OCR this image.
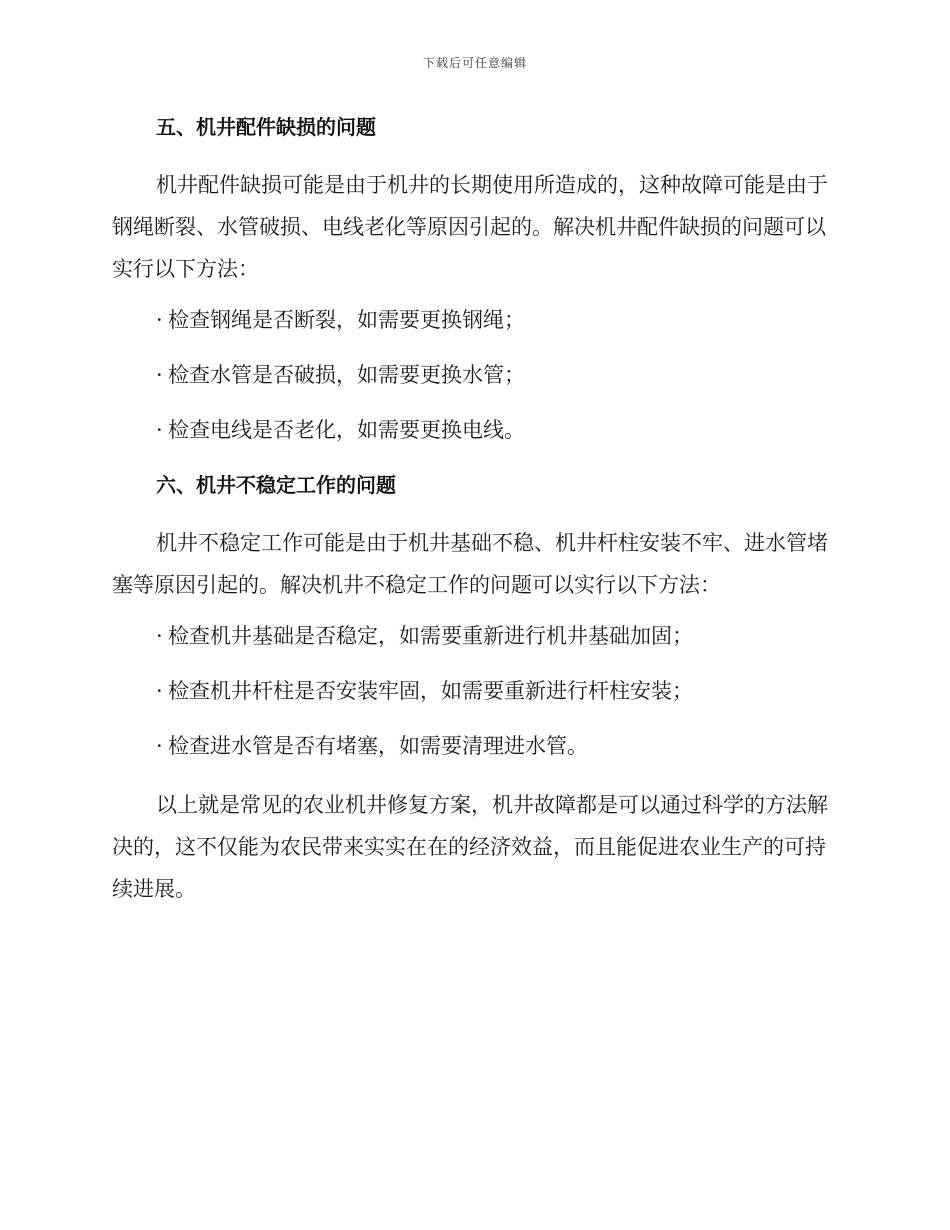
下载后可任意编辑
五、机井配件缺损的问题

机井配件缺损可能是由于机井的长期使用所造成的，这种故障可能是由于钢绳断裂、水管破损、电线老化等原因引起的。解决机井配件缺损的问题可以实行以下方法：

· 检查钢绳是否断裂，如需要更换钢绳；
· 检查水管是否破损，如需要更换水管；
· 检查电线是否老化，如需要更换电线。
六、机井不稳定工作的问题

机井不稳定工作可能是由于机井基础不稳、机井杆柱安装不牢、进水管堵塞等原因引起的。解决机井不稳定工作的问题可以实行以下方法：

· 检查机井基础是否稳定，如需要重新进行机井基础加固；
· 检查机井杆柱是否安装牢固，如需要重新进行杆柱安装；
· 检查进水管是否有堵塞，如需要清理进水管。

以上就是常见的农业机井修复方案，机井故障都是可以通过科学的方法解决的，这不仅能为农民带来实实在在的经济效益，而且能促进农业生产的可持续进展。
